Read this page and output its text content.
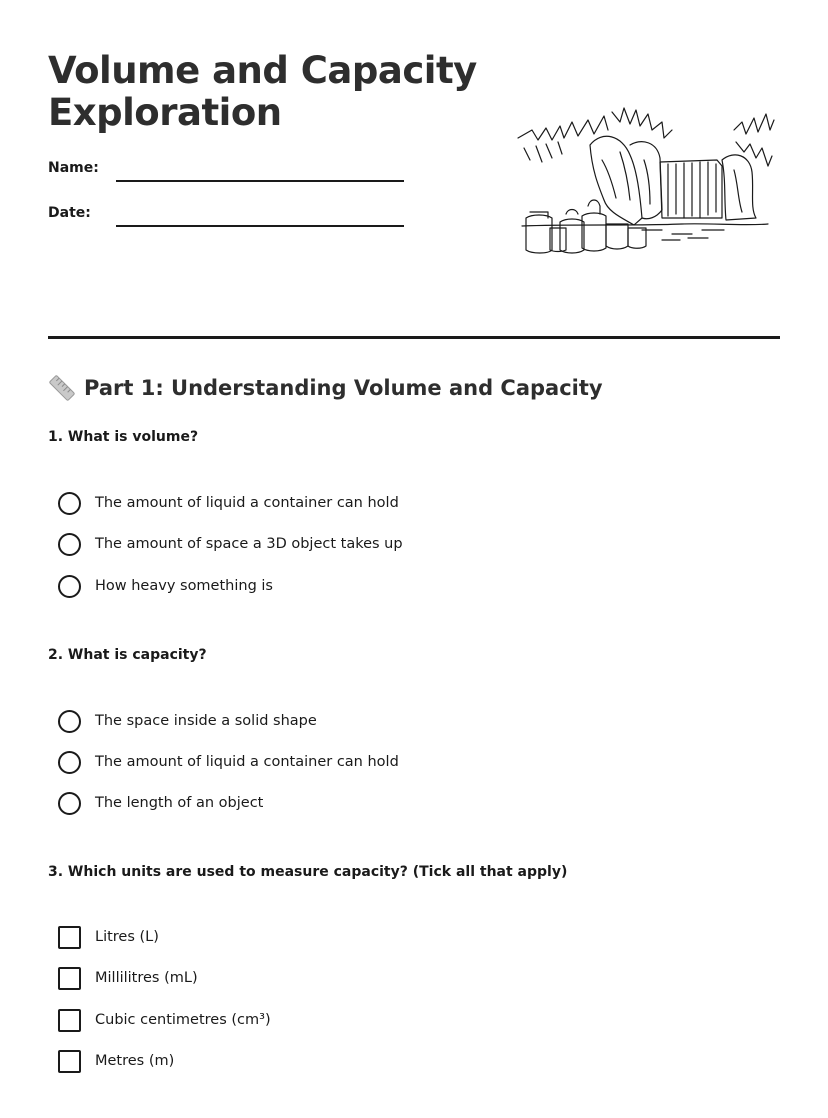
Volume and Capacity Exploration
Name:
Date:
Part 1: Understanding Volume and Capacity
1. What is volume?
The amount of liquid a container can hold
The amount of space a 3D object takes up
How heavy something is
2. What is capacity?
The space inside a solid shape
The amount of liquid a container can hold
The length of an object
3. Which units are used to measure capacity? (Tick all that apply)
Litres (L)
Millilitres (mL)
Cubic centimetres (cm³)
Metres (m)
